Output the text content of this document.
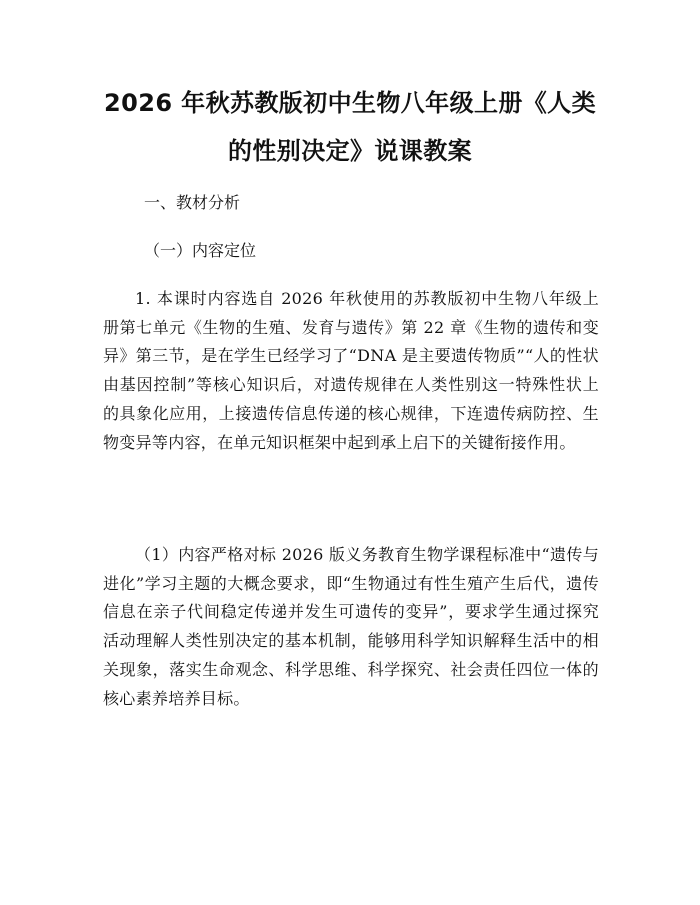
2026 年秋苏教版初中生物八年级上册《人类
的性别决定》说课教案
一、教材分析
（一）内容定位

1. 本课时内容选自 2026 年秋使用的苏教版初中生物八年级上册第七单元《生物的生殖、发育与遗传》第 22 章《生物的遗传和变异》第三节，是在学生已经学习了“DNA 是主要遗传物质”“人的性状由基因控制”等核心知识后，对遗传规律在人类性别这一特殊性状上的具象化应用，上接遗传信息传递的核心规律，下连遗传病防控、生物变异等内容，在单元知识框架中起到承上启下的关键衔接作用。

（1）内容严格对标 2026 版义务教育生物学课程标准中“遗传与进化”学习主题的大概念要求，即“生物通过有性生殖产生后代，遗传信息在亲子代间稳定传递并发生可遗传的变异”，要求学生通过探究活动理解人类性别决定的基本机制，能够用科学知识解释生活中的相关现象，落实生命观念、科学思维、科学探究、社会责任四位一体的核心素养培养目标。
